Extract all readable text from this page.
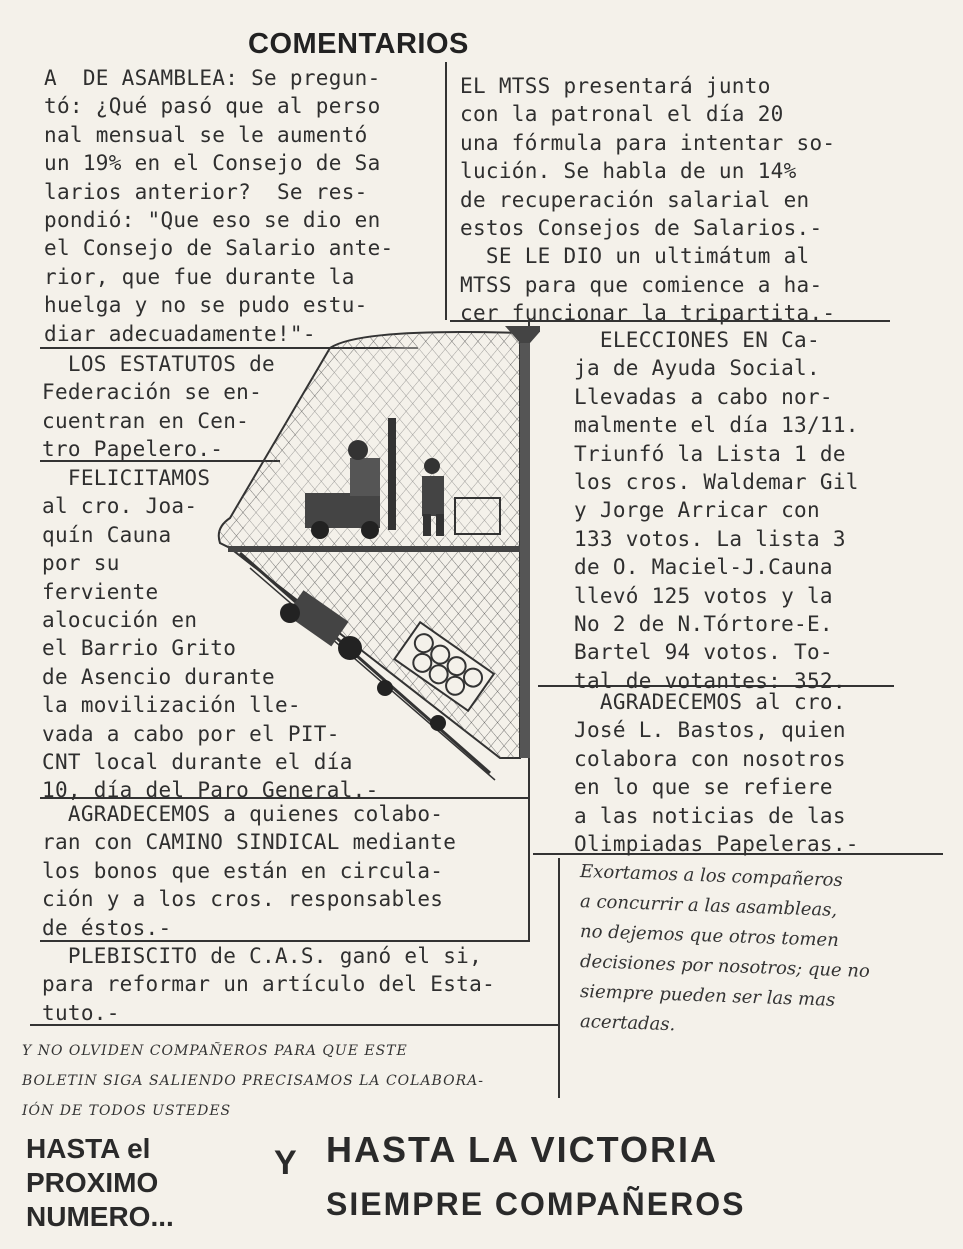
COMENTARIOS
A  DE ASAMBLEA: Se pregun-
tó: ¿Qué pasó que al perso
nal mensual se le aumentó
un 19% en el Consejo de Sa
larios anterior?  Se res-
pondió: "Que eso se dio en
el Consejo de Salario ante-
rior, que fue durante la
huelga y no se pudo estu-
diar adecuadamente!"-
EL MTSS presentará junto
con la patronal el día 20
una fórmula para intentar so-
lución. Se habla de un 14%
de recuperación salarial en
estos Consejos de Salarios.-
SE LE DIO un ultimátum al
MTSS para que comience a ha-
cer funcionar la tripartita.-
LOS ESTATUTOS de
Federación se en-
cuentran en Cen-
tro Papelero.-
FELICITAMOS
al cro. Joa-
quín Cauna
por su
ferviente
alocución en
el Barrio Grito
de Asencio durante
la movilización lle-
vada a cabo por el PIT-
CNT local durante el día
10, día del Paro General.-
ELECCIONES EN Ca-
ja de Ayuda Social.
Llevadas a cabo nor-
malmente el día 13/11.
Triunfó la Lista 1 de
los cros. Waldemar Gil
y Jorge Arricar con
133 votos. La lista 3
de O. Maciel-J.Cauna
llevó 125 votos y la
No 2 de N.Tórtore-E.
Bartel 94 votos. To-
tal de votantes: 352.
AGRADECEMOS al cro.
José L. Bastos, quien
colabora con nosotros
en lo que se refiere
a las noticias de las
Olimpiadas Papeleras.-
AGRADECEMOS a quienes colabo-
ran con CAMINO SINDICAL mediante
los bonos que están en circula-
ción y a los cros. responsables
de éstos.-
PLEBISCITO de C.A.S. ganó el si,
para reformar un artículo del Esta-
tuto.-
Exortamos a los compañeros
a concurrir a las asambleas,
no dejemos que otros tomen
decisiones por nosotros; que no
siempre pueden ser las mas
acertadas.
Y NO OLVIDEN COMPAÑEROS PARA QUE ESTE
BOLETIN SIGA SALIENDO PRECISAMOS LA COLABORA-
IÓN DE TODOS USTEDES
HASTA el
PROXIMO
NUMERO...
Y HASTA LA VICTORIA
SIEMPRE COMPAÑEROS
